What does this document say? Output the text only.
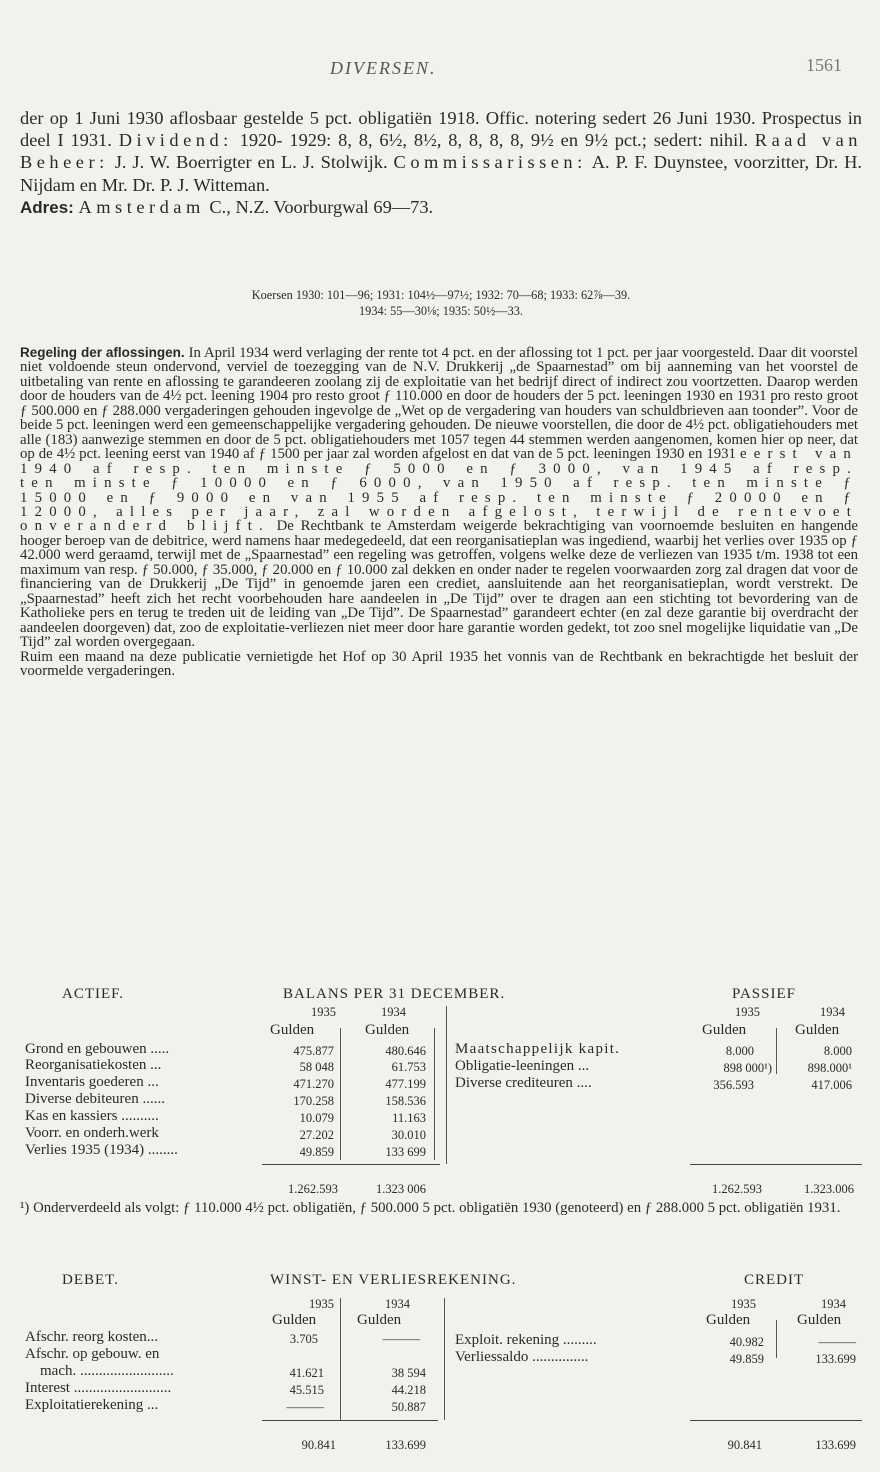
DIVERSEN.	1561
der op 1 Juni 1930 aflosbaar gestelde 5 pct. obligatiën 1918. Offic. notering sedert 26 Juni 1930. Prospectus in deel I 1931. Dividend: 1920- 1929: 8, 8, 6½, 8½, 8, 8, 8, 8, 9½ en 9½ pct.; sedert: nihil. Raad van Beheer: J. J. W. Boerrigter en L. J. Stolwijk. Commissarissen: A. P. F. Duynstee, voorzitter, Dr. H. Nijdam en Mr. Dr. P. J. Witteman.
Adres: Amsterdam C., N.Z. Voorburgwal 69—73.
Koersen 1930: 101—96; 1931: 104½—97½; 1932: 70—68; 1933: 62⅞—39.
1934: 55—30⅛; 1935: 50½—33.

Regeling der aflossingen. In April 1934 werd verlaging der rente tot 4 pct. en der aflossing tot 1 pct. per jaar voorgesteld. Daar dit voorstel niet voldoende steun ondervond, verviel de toezegging van de N.V. Drukkerij „de Spaarnestad” om bij aanneming van het voorstel de uitbetaling van rente en aflossing te garandeeren zoolang zij de exploitatie van het bedrijf direct of indirect zou voortzetten. Daarop werden door de houders van de 4½ pct. leening 1904 pro resto groot ƒ 110.000 en door de houders der 5 pct. leeningen 1930 en 1931 pro resto groot ƒ 500.000 en ƒ 288.000 vergaderingen gehouden ingevolge de „Wet op de vergadering van houders van schuldbrieven aan toonder”. Voor de beide 5 pct. leeningen werd een gemeenschappelijke vergadering gehouden. De nieuwe voorstellen, die door de 4½ pct. obligatiehouders met alle (183) aanwezige stemmen en door de 5 pct. obligatiehouders met 1057 tegen 44 stemmen werden aangenomen, komen hier op neer, dat op de 4½ pct. leening eerst van 1940 af ƒ 1500 per jaar zal worden afgelost en dat van de 5 pct. leeningen 1930 en 1931 eerst van 1940 af resp. ten minste ƒ 5000 en ƒ 3000, van 1945 af resp. ten minste ƒ 10000 en ƒ 6000, van 1950 af resp. ten minste ƒ 15000 en ƒ 9000 en van 1955 af resp. ten minste ƒ 20000 en ƒ 12000, alles per jaar, zal worden afgelost, terwijl de rentevoet onveranderd blijft. De Rechtbank te Amsterdam weigerde bekrachtiging van voornoemde besluiten en hangende hooger beroep van de debitrice, werd namens haar medegedeeld, dat een reorganisatieplan was ingediend, waarbij het verlies over 1935 op ƒ 42.000 werd geraamd, terwijl met de „Spaarnestad” een regeling was getroffen, volgens welke deze de verliezen van 1935 t/m. 1938 tot een maximum van resp. ƒ 50.000, ƒ 35.000, ƒ 20.000 en ƒ 10.000 zal dekken en onder nader te regelen voorwaarden zorg zal dragen dat voor de financiering van de Drukkerij „De Tijd” in genoemde jaren een crediet, aansluitende aan het reorganisatieplan, wordt verstrekt. De „Spaarnestad” heeft zich het recht voorbehouden hare aandeelen in „De Tijd” over te dragen aan een stichting tot bevordering van de Katholieke pers en terug te treden uit de leiding van „De Tijd”. De Spaarnestad” garandeert echter (en zal deze garantie bij overdracht der aandeelen doorgeven) dat, zoo de exploitatie-verliezen niet meer door hare garantie worden gedekt, tot zoo snel mogelijke liquidatie van „De Tijd” zal worden overgegaan.

Ruim een maand na deze publicatie vernietigde het Hof op 30 April 1935 het vonnis van de Rechtbank en bekrachtigde het besluit der voormelde vergaderingen.

ACTIEF.	BALANS PER 31 DECEMBER.	PASSIEF
1935	1934
Gulden	Gulden
1935	1934
Gulden	Gulden
Grond en gebouwen .....	475.877	480.646
Reorganisatiekosten ...	58 048	61.753
Inventaris goederen ...	471.270	477.199
Diverse debiteuren ......	170.258	158.536
Kas en kassiers ..........	10.079	11.163
Voorr. en onderh.werk	27.202	30.010
Verlies 1935 (1934) ........	49.859	133 699
1.262.593	1.323 006
Maatschappelijk kapit.	8.000	8.000
Obligatie-leeningen ...	898 000¹)	898.000¹
Diverse crediteuren ....	356.593	417.006
1.262.593	1.323.006
¹) Onderverdeeld als volgt: ƒ 110.000 4½ pct. obligatiën, ƒ 500.000 5 pct. obligatiën 1930 (genoteerd) en ƒ 288.000 5 pct. obligatiën 1931.
DEBET.	WINST- EN VERLIESREKENING.	CREDIT
1935	1934
Gulden	Gulden
1935	1934
Gulden	Gulden
Afschr. reorg kosten...	3.705	———
Afschr. op gebouw. en
mach. .........................	41.621	38 594
Interest ..........................	45.515	44.218
Exploitatierekening ...	———	50.887
90.841	133.699
Exploit. rekening .........	40.982	———
Verliessaldo ...............	49.859	133.699
90.841	133.699
